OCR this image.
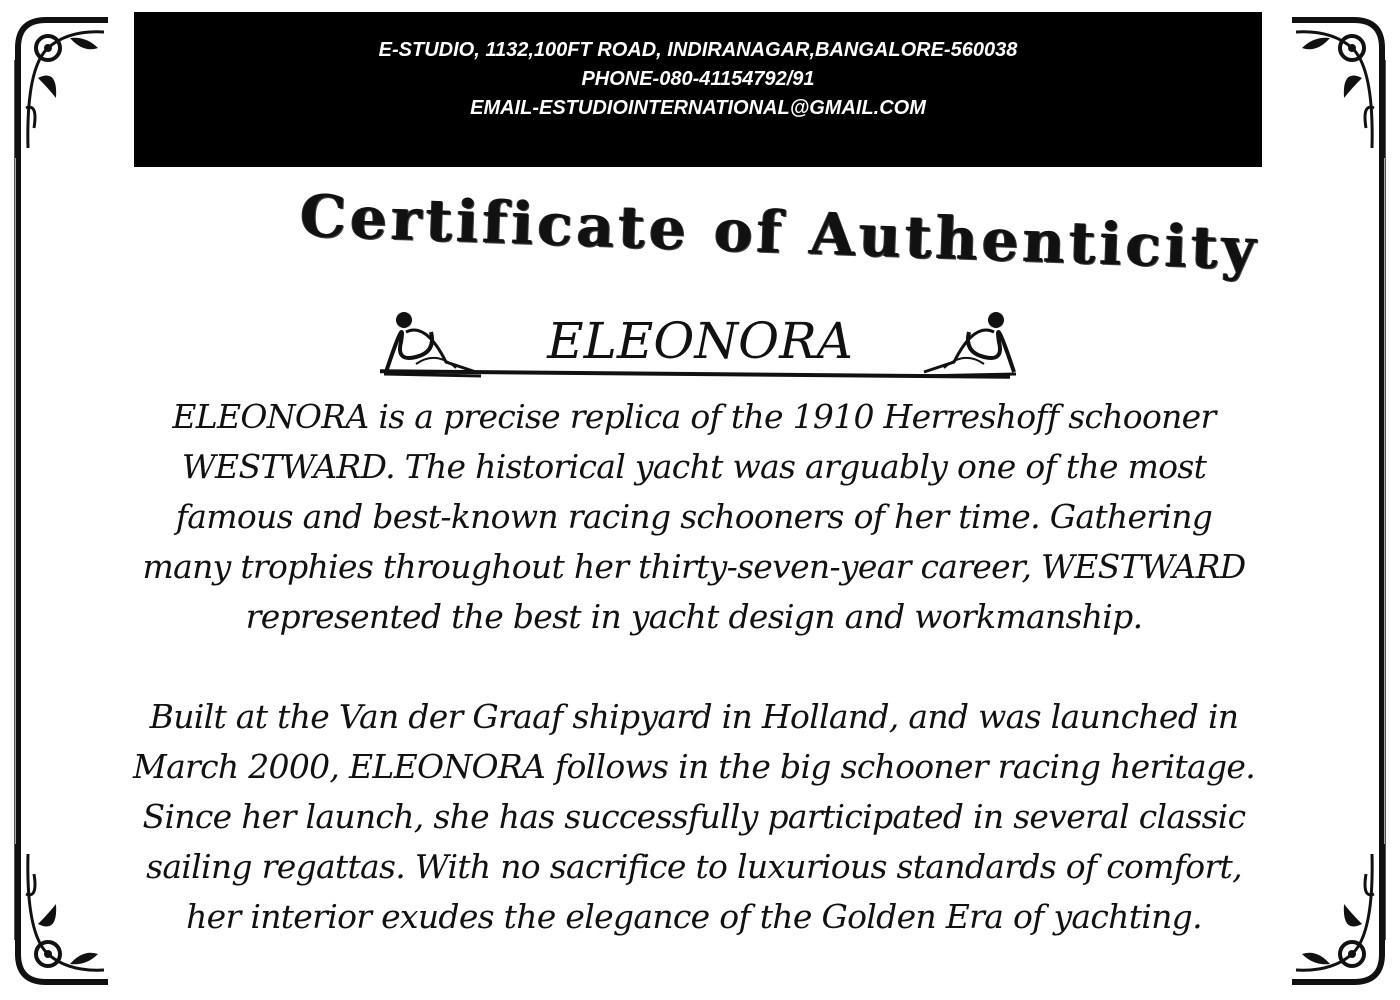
E-STUDIO, 1132,100FT ROAD, INDIRANAGAR,BANGALORE-560038
PHONE-080-41154792/91
EMAIL-ESTUDIOINTERNATIONAL@GMAIL.COM
Certificate of Authenticity
ELEONORA
ELEONORA is a precise replica of the 1910 Herreshoff schooner
WESTWARD. The historical yacht was arguably one of the most
famous and best-known racing schooners of her time. Gathering
many trophies throughout her thirty-seven-year career, WESTWARD
represented the best in yacht design and workmanship.
Built at the Van der Graaf shipyard in Holland, and was launched in
March 2000, ELEONORA follows in the big schooner racing heritage.
Since her launch, she has successfully participated in several classic
sailing regattas. With no sacrifice to luxurious standards of comfort,
her interior exudes the elegance of the Golden Era of yachting.
